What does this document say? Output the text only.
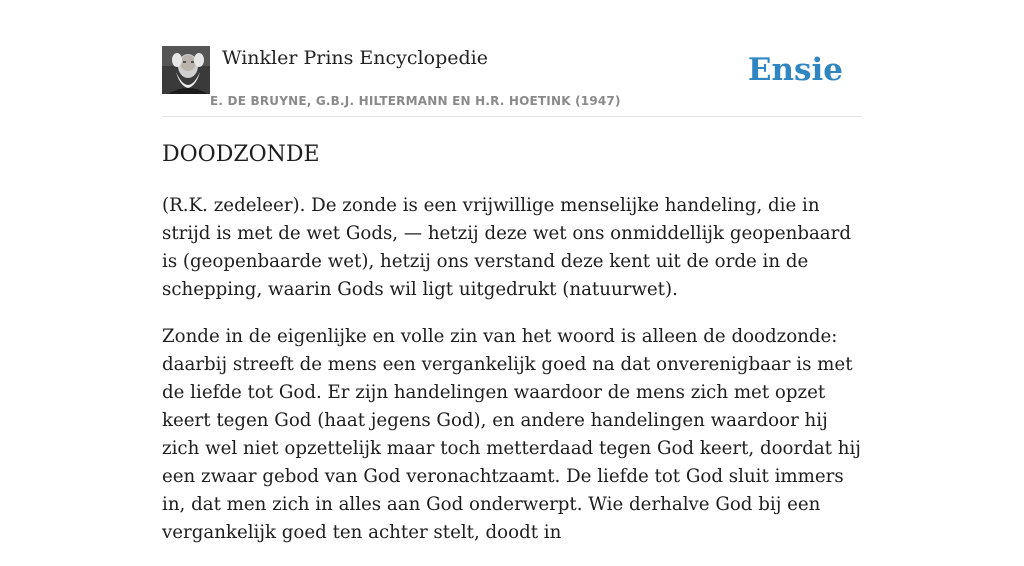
Winkler Prins Encyclopedie
E. DE BRUYNE, G.B.J. HILTERMANN EN H.R. HOETINK (1947)
Ensie
DOODZONDE

(R.K. zedeleer). De zonde is een vrijwillige menselijke handeling, die in strijd is met de wet Gods, — hetzij deze wet ons onmiddellijk geopenbaard is (geopenbaarde wet), hetzij ons verstand deze kent uit de orde in de schepping, waarin Gods wil ligt uitgedrukt (natuurwet).

Zonde in de eigenlijke en volle zin van het woord is alleen de doodzonde: daarbij streeft de mens een vergankelijk goed na dat onverenigbaar is met de liefde tot God. Er zijn handelingen waardoor de mens zich met opzet keert tegen God (haat jegens God), en andere handelingen waardoor hij zich wel niet opzettelijk maar toch metterdaad tegen God keert, doordat hij een zwaar gebod van God veronachtzaamt. De liefde tot God sluit immers in, dat men zich in alles aan God onderwerpt. Wie derhalve God bij een vergankelijk goed ten achter stelt, doodt in
